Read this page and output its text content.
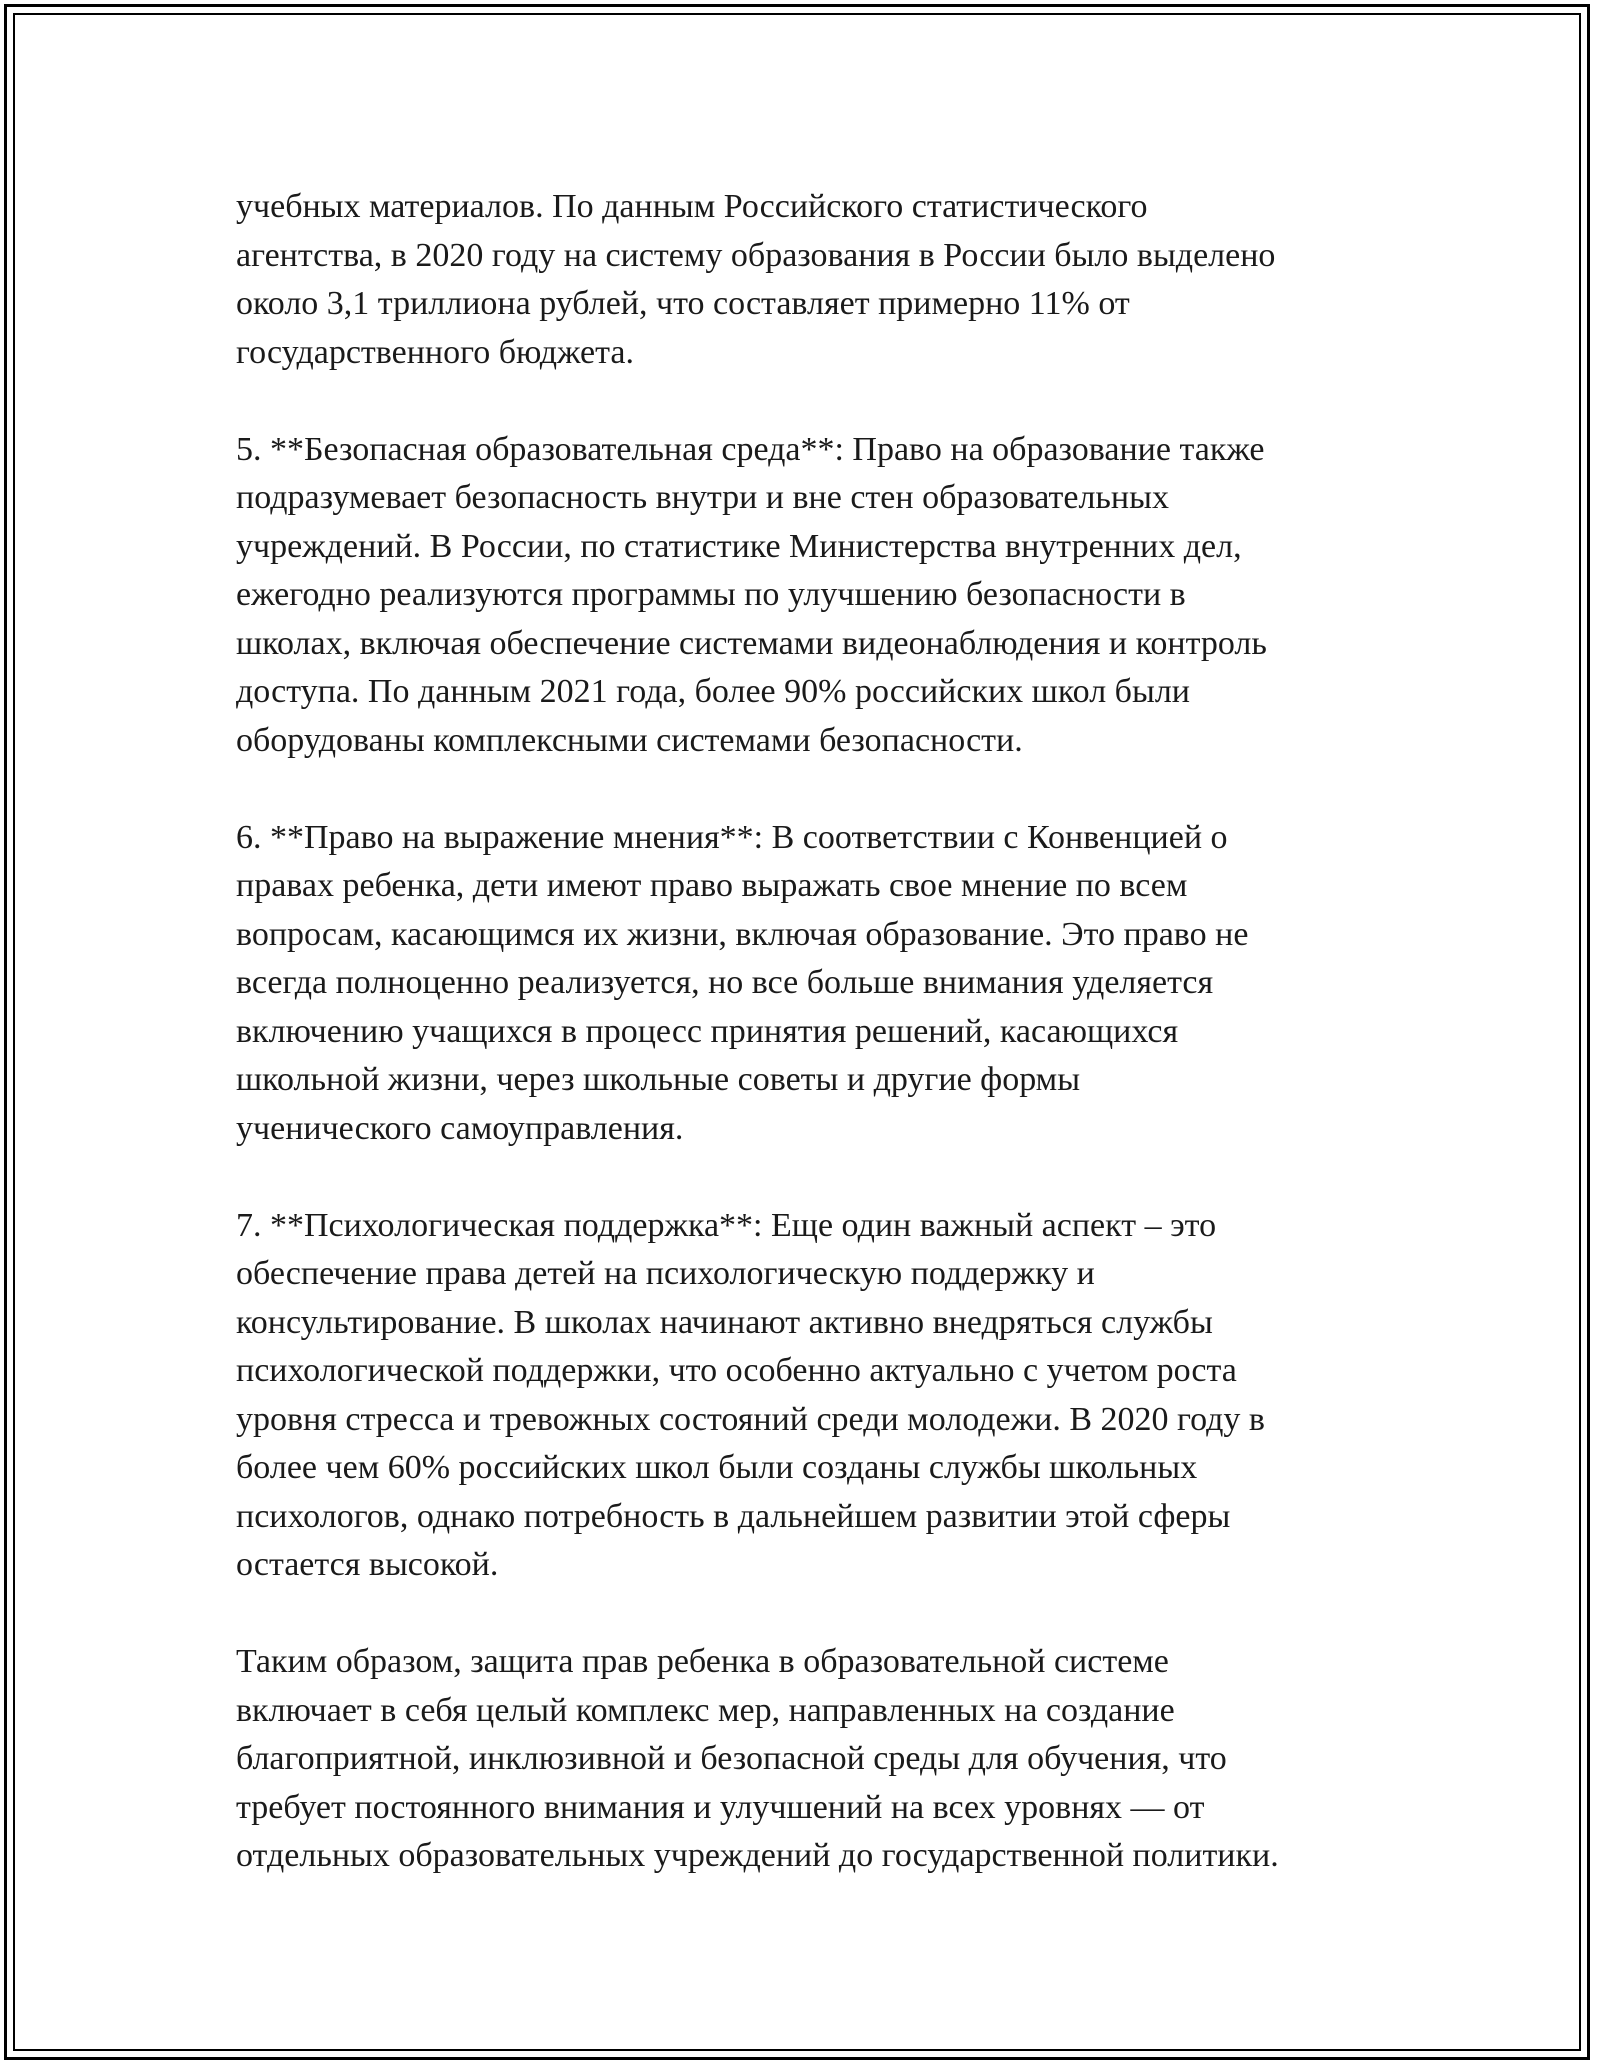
учебных материалов. По данным Российского статистического
агентства, в 2020 году на систему образования в России было выделено
около 3,1 триллиона рублей, что составляет примерно 11% от
государственного бюджета.

5. **Безопасная образовательная среда**: Право на образование также
подразумевает безопасность внутри и вне стен образовательных
учреждений. В России, по статистике Министерства внутренних дел,
ежегодно реализуются программы по улучшению безопасности в
школах, включая обеспечение системами видеонаблюдения и контроль
доступа. По данным 2021 года, более 90% российских школ были
оборудованы комплексными системами безопасности.

6. **Право на выражение мнения**: В соответствии с Конвенцией о
правах ребенка, дети имеют право выражать свое мнение по всем
вопросам, касающимся их жизни, включая образование. Это право не
всегда полноценно реализуется, но все больше внимания уделяется
включению учащихся в процесс принятия решений, касающихся
школьной жизни, через школьные советы и другие формы
ученического самоуправления.

7. **Психологическая поддержка**: Еще один важный аспект – это
обеспечение права детей на психологическую поддержку и
консультирование. В школах начинают активно внедряться службы
психологической поддержки, что особенно актуально с учетом роста
уровня стресса и тревожных состояний среди молодежи. В 2020 году в
более чем 60% российских школ были созданы службы школьных
психологов, однако потребность в дальнейшем развитии этой сферы
остается высокой.

Таким образом, защита прав ребенка в образовательной системе
включает в себя целый комплекс мер, направленных на создание
благоприятной, инклюзивной и безопасной среды для обучения, что
требует постоянного внимания и улучшений на всех уровнях — от
отдельных образовательных учреждений до государственной политики.
